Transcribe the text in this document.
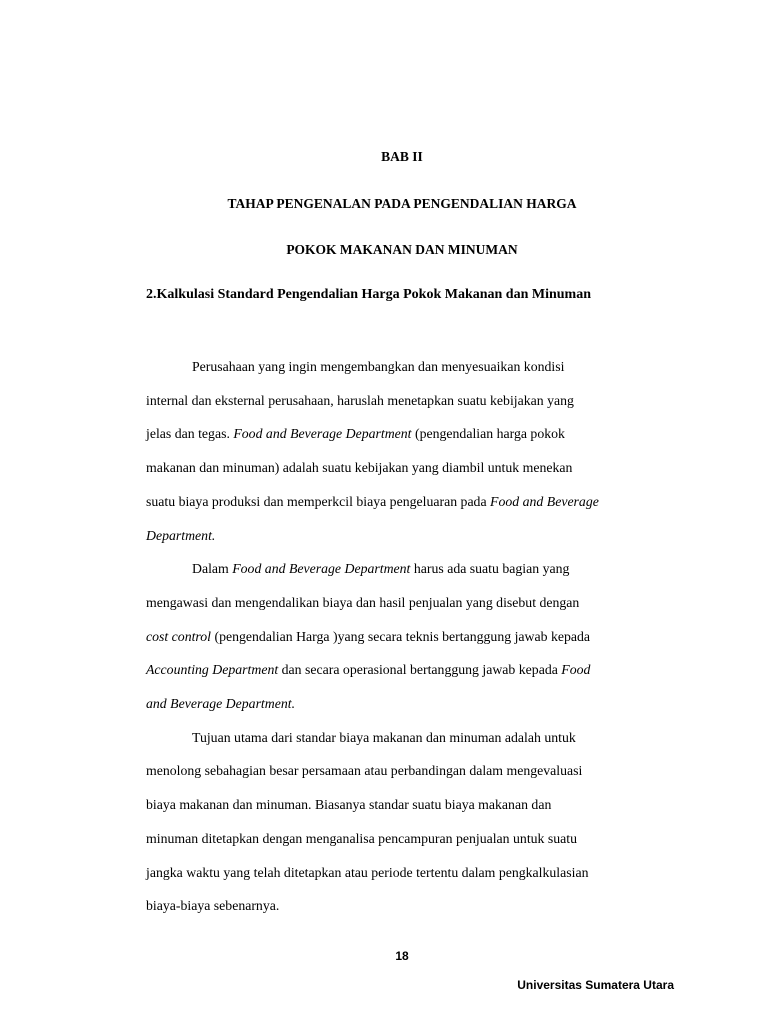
BAB II
TAHAP PENGENALAN PADA PENGENDALIAN HARGA
POKOK MAKANAN DAN MINUMAN
2.Kalkulasi Standard Pengendalian Harga Pokok Makanan dan Minuman

Perusahaan yang ingin mengembangkan dan menyesuaikan kondisi
internal dan eksternal perusahaan, haruslah menetapkan suatu kebijakan yang
jelas dan tegas. Food and Beverage Department (pengendalian harga pokok
makanan dan minuman) adalah suatu kebijakan yang diambil untuk menekan
suatu biaya produksi dan memperkcil biaya pengeluaran pada Food and Beverage
Department.

Dalam Food and Beverage Department harus ada suatu bagian yang
mengawasi dan mengendalikan biaya dan hasil penjualan yang disebut dengan
cost control (pengendalian Harga )yang secara teknis bertanggung jawab kepada
Accounting Department dan secara operasional bertanggung jawab kepada Food
and Beverage Department.

Tujuan utama dari standar biaya makanan dan minuman adalah untuk
menolong sebahagian besar persamaan atau perbandingan dalam mengevaluasi
biaya makanan dan minuman. Biasanya standar suatu biaya makanan dan
minuman ditetapkan dengan menganalisa pencampuran penjualan untuk suatu
jangka waktu yang telah ditetapkan atau periode tertentu dalam pengkalkulasian
biaya-biaya sebenarnya.

18
Universitas Sumatera Utara
